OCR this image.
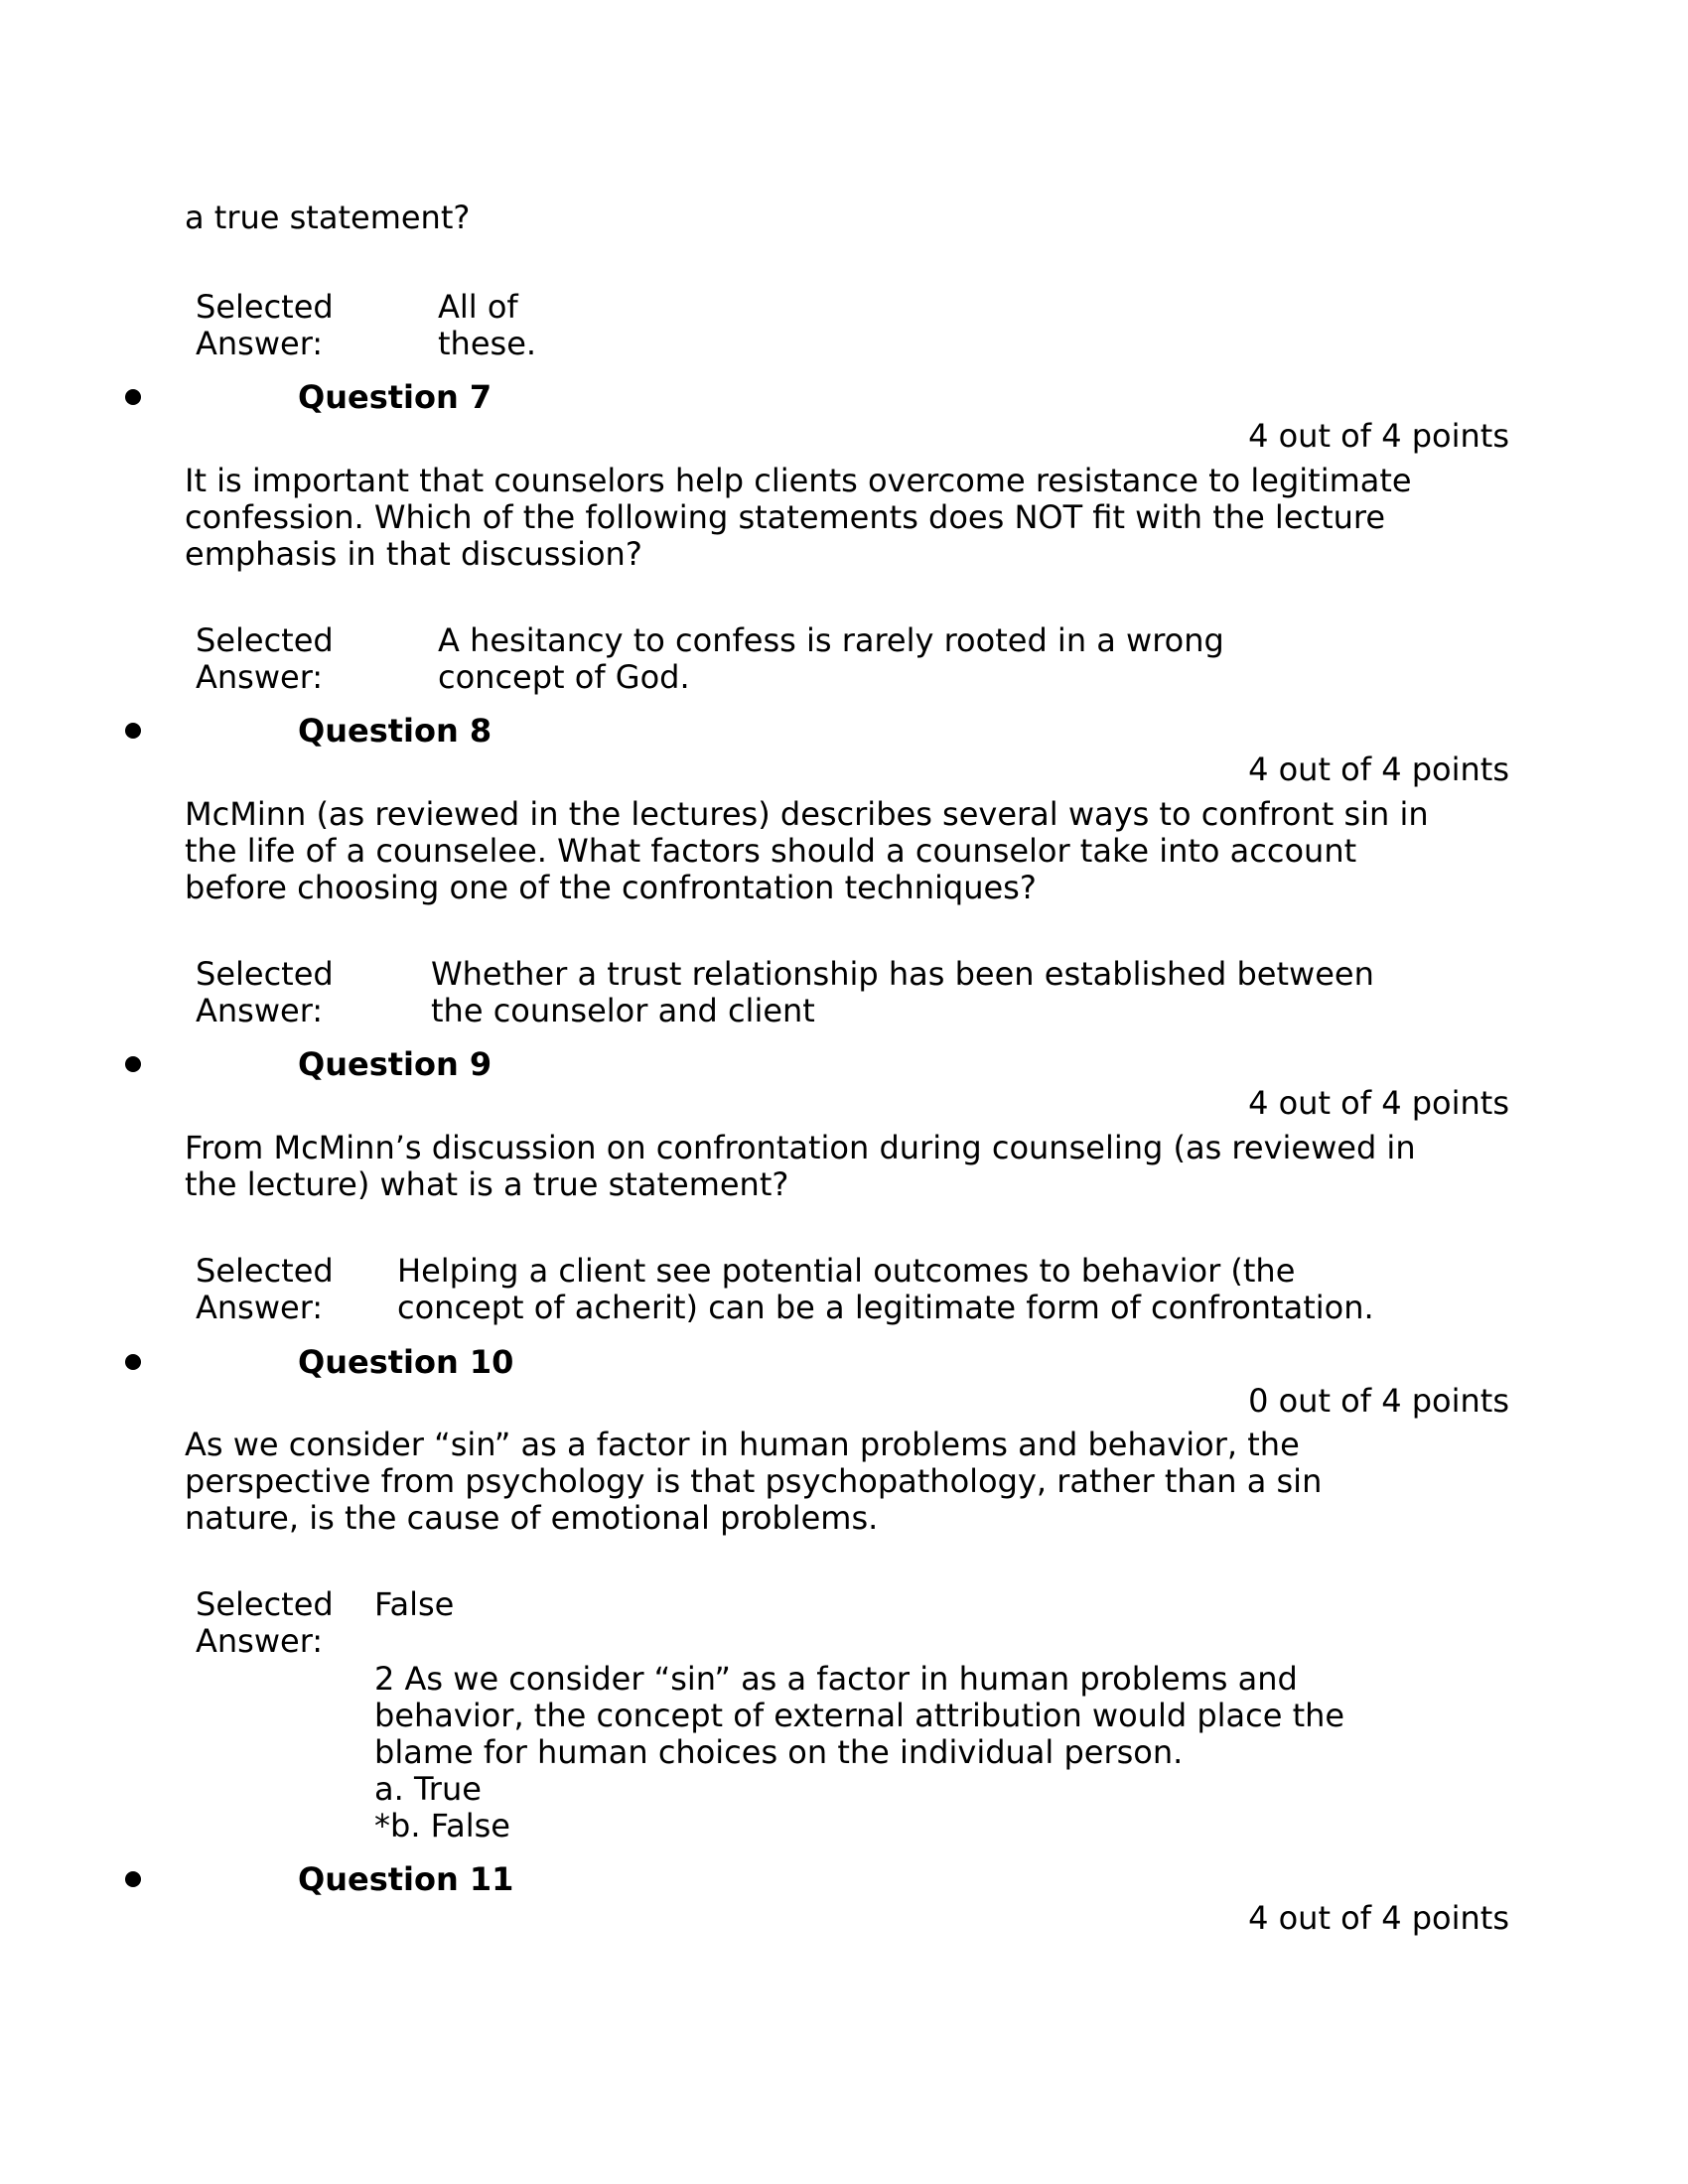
a true statement?
Selected
Answer:
All of
these.
Question 7
4 out of 4 points
It is important that counselors help clients overcome resistance to legitimate
confession. Which of the following statements does NOT fit with the lecture
emphasis in that discussion?
Selected
Answer:
A hesitancy to confess is rarely rooted in a wrong
concept of God.
Question 8
4 out of 4 points
McMinn (as reviewed in the lectures) describes several ways to confront sin in
the life of a counselee. What factors should a counselor take into account
before choosing one of the confrontation techniques?
Selected
Answer:
Whether a trust relationship has been established between
the counselor and client
Question 9
4 out of 4 points
From McMinn’s discussion on confrontation during counseling (as reviewed in
the lecture) what is a true statement?
Selected
Answer:
Helping a client see potential outcomes to behavior (the
concept of acherit) can be a legitimate form of confrontation.
Question 10
0 out of 4 points
As we consider “sin” as a factor in human problems and behavior, the
perspective from psychology is that psychopathology, rather than a sin
nature, is the cause of emotional problems.
Selected
Answer:
False
2 As we consider “sin” as a factor in human problems and
behavior, the concept of external attribution would place the
blame for human choices on the individual person.
a. True
*b. False
Question 11
4 out of 4 points
